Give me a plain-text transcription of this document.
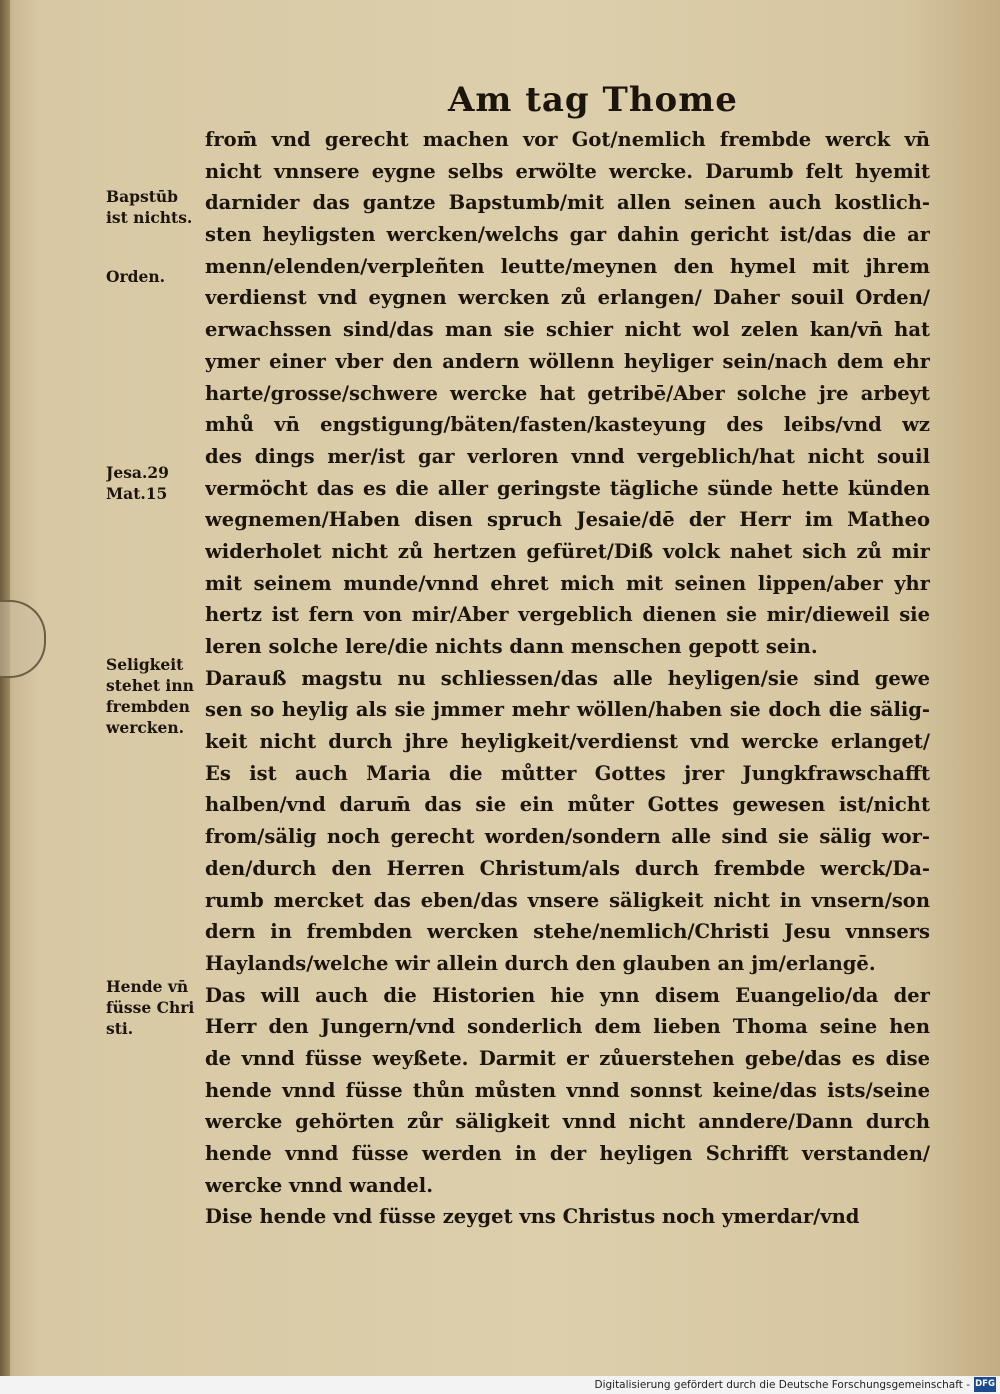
Am tag Thome
from̄ vnd gerecht machen vor Got/nemlich frembde werck vn̄
nicht vnnsere eygne selbs erwölte wercke. Darumb felt hyemit
darnider das gantze Bapstumb/mit allen seinen auch kostlich-
sten heyligsten wercken/welchs gar dahin gericht ist/das die ar
menn/elenden/verpleñten leutte/meynen den hymel mit jhrem
verdienst vnd eygnen wercken zů erlangen/ Daher souil Orden/
erwachssen sind/das man sie schier nicht wol zelen kan/vn̄ hat
ymer einer vber den andern wöllenn heyliger sein/nach dem ehr
harte/grosse/schwere wercke hat getribē/Aber solche jre arbeyt
mhů vn̄ engstigung/bäten/fasten/kasteyung des leibs/vnd wz
des dings mer/ist gar verloren vnnd vergeblich/hat nicht souil
vermöcht das es die aller geringste tägliche sünde hette künden
wegnemen/Haben disen spruch Jesaie/dē der Herr im Matheo
widerholet nicht zů hertzen gefüret/Diß volck nahet sich zů mir
mit seinem munde/vnnd ehret mich mit seinen lippen/aber yhr
hertz ist fern von mir/Aber vergeblich dienen sie mir/dieweil sie
leren solche lere/die nichts dann menschen gepott sein.
Darauß magstu nu schliessen/das alle heyligen/sie sind gewe
sen so heylig als sie jmmer mehr wöllen/haben sie doch die sälig-
keit nicht durch jhre heyligkeit/verdienst vnd wercke erlanget/
Es ist auch Maria die můtter Gottes jrer Jungkfrawschafft
halben/vnd darum̄ das sie ein můter Gottes gewesen ist/nicht
from/sälig noch gerecht worden/sondern alle sind sie sälig wor-
den/durch den Herren Christum/als durch frembde werck/Da-
rumb mercket das eben/das vnsere säligkeit nicht in vnsern/son
dern in frembden wercken stehe/nemlich/Christi Jesu vnnsers
Haylands/welche wir allein durch den glauben an jm/erlangē.
Das will auch die Historien hie ynn disem Euangelio/da der
Herr den Jungern/vnd sonderlich dem lieben Thoma seine hen
de vnnd füsse weyßete. Darmit er zůuerstehen gebe/das es dise
hende vnnd füsse thůn můsten vnnd sonnst keine/das ists/seine
wercke gehörten zůr säligkeit vnnd nicht anndere/Dann durch
hende vnnd füsse werden in der heyligen Schrifft verstanden/
wercke vnnd wandel.
Dise hende vnd füsse zeyget vns Christus noch ymerdar/vnd
Bapstūb
ist nichts.
Orden.
Jesa.29
Mat.15
Seligkeit
stehet inn
frembden
wercken.
Hende vn̄
füsse Chri
sti.
Digitalisierung gefördert durch die Deutsche Forschungsgemeinschaft - DFG
